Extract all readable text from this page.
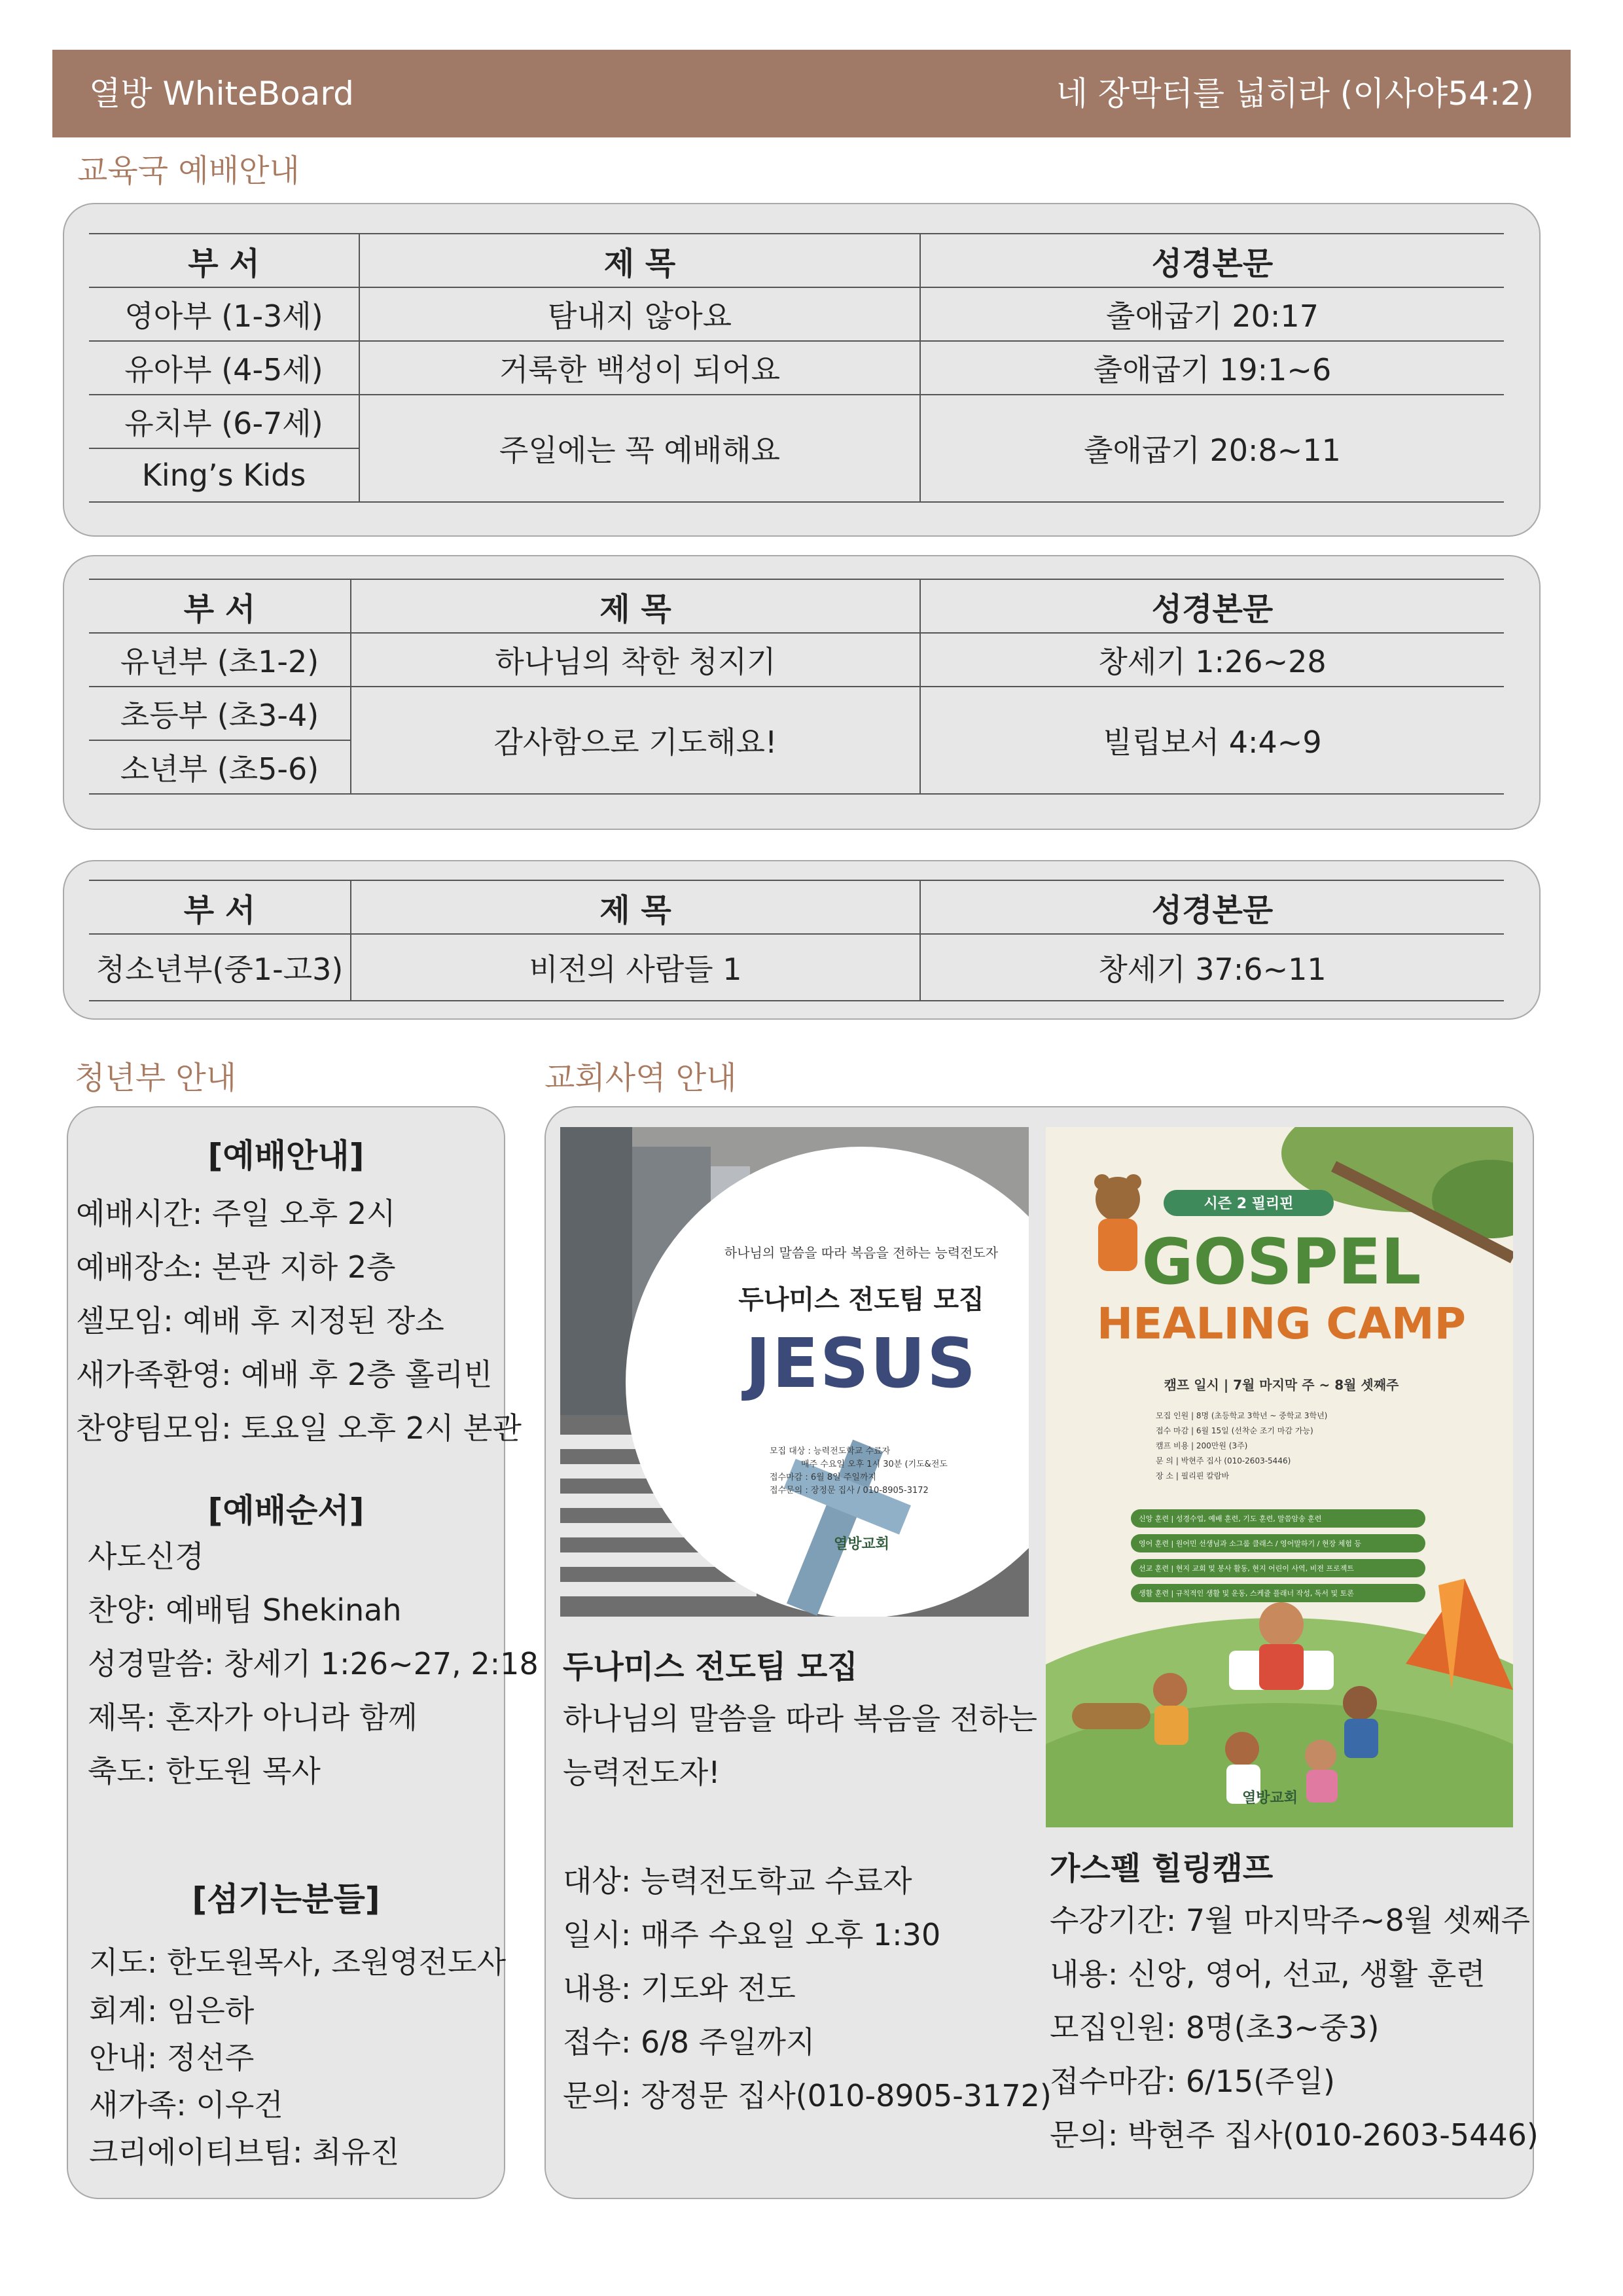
열방 WhiteBoard	네 장막터를 넓히라 (이사야54:2)
교육국 예배안내
부 서	제 목	성경본문
영아부 (1-3세)	탐내지 않아요	출애굽기 20:17
유아부 (4-5세)	거룩한 백성이 되어요	출애굽기 19:1~6
유치부 (6-7세)	주일에는 꼭 예배해요	출애굽기 20:8~11
King’s Kids		
부 서	제 목	성경본문
유년부 (초1-2)	하나님의 착한 청지기	창세기 1:26~28
초등부 (초3-4)	감사함으로 기도해요!	빌립보서 4:4~9
소년부 (초5-6)		
부 서	제 목	성경본문
청소년부(중1-고3)	비전의 사람들 1	창세기 37:6~11
청년부 안내	교회사역 안내
[예배안내]
예배시간: 주일 오후 2시
예배장소: 본관 지하 2층
셀모임: 예배 후 지정된 장소
새가족환영: 예배 후 2층 홀리빈
찬양팀모임: 토요일 오후 2시 본관
[예배순서]
사도신경
찬양: 예배팀 Shekinah
성경말씀: 창세기 1:26~27, 2:18
제목: 혼자가 아니라 함께
축도: 한도원 목사
[섬기는분들]
지도: 한도원목사, 조원영전도사
회계: 임은하
안내: 정선주
새가족: 이우건
크리에이티브팀: 최유진
하나님의 말씀을 따라 복음을 전하는 능력전도자
두나미스 전도팀 모집
JESUS
모집 대상 : 능력전도학교 수료자
매주 수요일 오후 1시 30분 (기도&전도
접수마감 : 6월 8일 주일까지
접수문의 : 장정문 집사 / 010-8905-3172
열방교회
두나미스 전도팀 모집
하나님의 말씀을 따라 복음을 전하는
능력전도자!
대상: 능력전도학교 수료자
일시: 매주 수요일 오후 1:30
내용: 기도와 전도
접수: 6/8 주일까지
문의: 장정문 집사(010-8905-3172)
시즌 2 필리핀
GOSPEL
HEALING CAMP
캠프 일시 | 7월 마지막 주 ~ 8월 셋째주
모집 인원 | 8명 (초등학교 3학년 ~ 중학교 3학년)
접수 마감 | 6월 15일 (선착순 조기 마감 가능)
캠프 비용 | 200만원 (3주)
문 의 | 박현주 집사 (010-2603-5446)
장 소 | 필리핀 칼람바
신앙 훈련 | 성경수업, 예배 훈련, 기도 훈련, 말씀암송 훈련
영어 훈련 | 원어민 선생님과 소그룹 클래스 / 영어말하기 / 현장 체험 등
선교 훈련 | 현지 교회 및 봉사 활동, 현지 어린이 사역, 비전 프로젝트
생활 훈련 | 규칙적인 생활 및 운동, 스케쥴 플래너 작성, 독서 및 토론
열방교회
가스펠 힐링캠프
수강기간: 7월 마지막주~8월 셋째주
내용: 신앙, 영어, 선교, 생활 훈련
모집인원: 8명(초3~중3)
접수마감: 6/15(주일)
문의: 박현주 집사(010-2603-5446)
